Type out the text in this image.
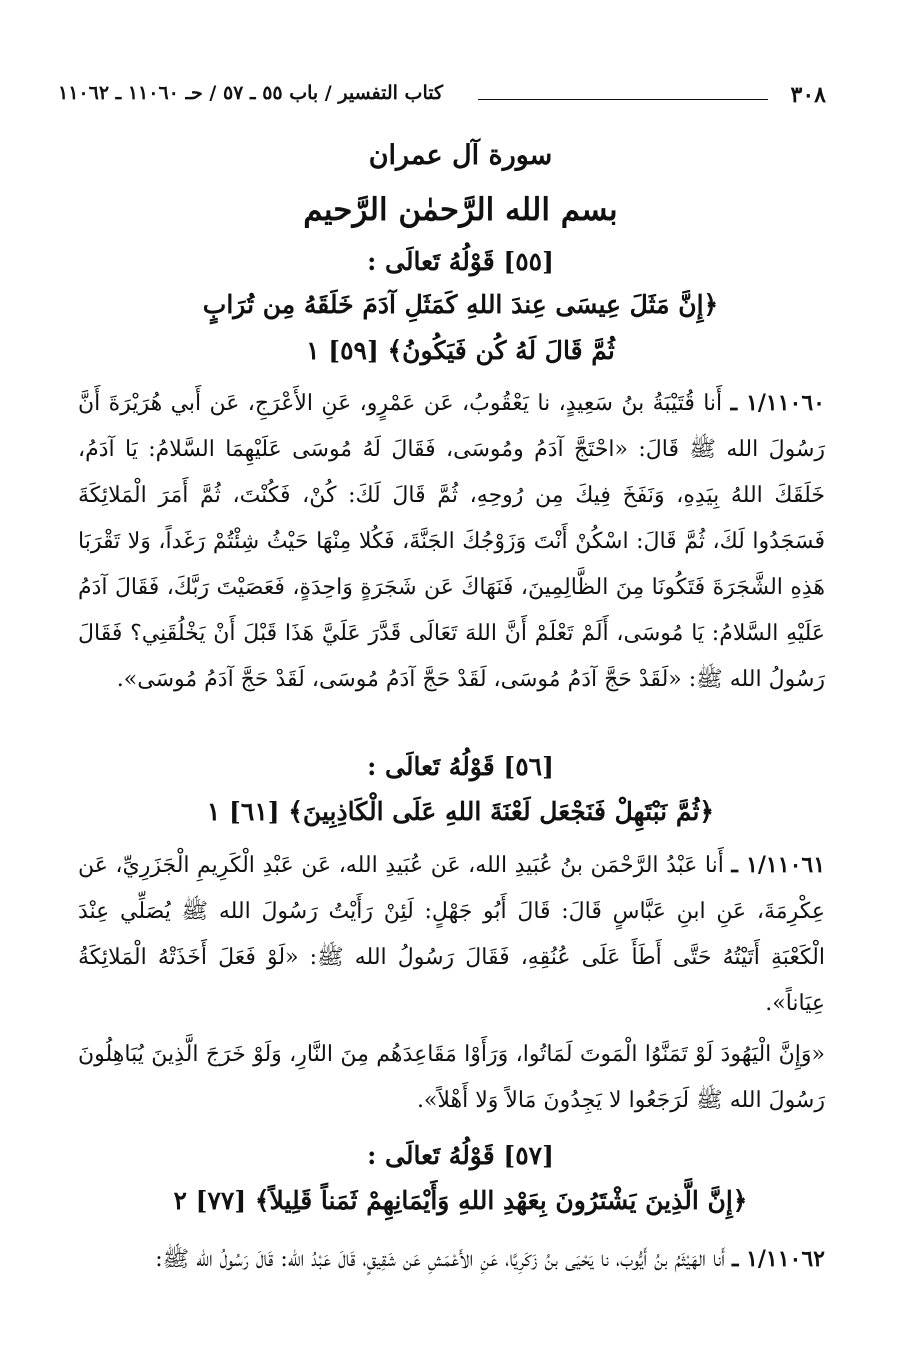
٣٠٨
كتاب التفسير / باب ٥٥ ـ ٥٧ / حـ ١١٠٦٠ ـ ١١٠٦٢
سورة آل عمران
بسم الله الرَّحمٰن الرَّحيم
[٥٥] قَوْلُهُ تَعالَى :
﴿إِنَّ مَثَلَ عِيسَى عِندَ اللهِ كَمَثَلِ آدَمَ خَلَقَهُ مِن تُرَابٍ
ثُمَّ قَالَ لَهُ كُن فَيَكُونُ﴾ [٥٩] ١
١/١١٠٦٠ ـ أَنا قُتَيْبَةُ بنُ سَعِيدٍ، نا يَعْقُوبُ، عَن عَمْرٍو، عَنِ الأَعْرَجِ، عَن أَبي هُرَيْرَةَ أَنَّ رَسُولَ الله ﷺ قَالَ: «احْتَجَّ آدَمُ ومُوسَى، فَقَالَ لَهُ مُوسَى عَلَيْهِمَا السَّلامُ: يَا آدَمُ، خَلَقَكَ اللهُ بِيَدِهِ، وَنَفَخَ فِيكَ مِن رُوحِهِ، ثُمَّ قَالَ لَكَ: كُنْ، فَكُنْتَ، ثُمَّ أَمَرَ الْمَلائِكَةَ فَسَجَدُوا لَكَ، ثُمَّ قَالَ: اسْكُنْ أَنْتَ وَزَوْجُكَ الجَنَّةَ، فَكُلا مِنْهَا حَيْثُ شِئْتُمْ رَغَداً، وَلا تَقْرَبَا هَذِهِ الشَّجَرَةَ فَتَكُونَا مِنَ الظَّالِمِينَ، فَنَهَاكَ عَن شَجَرَةٍ وَاحِدَةٍ، فَعَصَيْتَ رَبَّكَ، فَقَالَ آدَمُ عَلَيْهِ السَّلامُ: يَا مُوسَى، أَلَمْ تَعْلَمْ أَنَّ اللهَ تَعَالَى قَدَّرَ عَلَيَّ هَذَا قَبْلَ أَنْ يَخْلُقَنِي؟ فَقَالَ رَسُولُ الله ﷺ: «لَقَدْ حَجَّ آدَمُ مُوسَى، لَقَدْ حَجَّ آدَمُ مُوسَى، لَقَدْ حَجَّ آدَمُ مُوسَى».
[٥٦] قَوْلُهُ تَعالَى :
﴿ثُمَّ نَبْتَهِلْ فَنَجْعَل لَعْنَةَ اللهِ عَلَى الْكَاذِبِينَ﴾ [٦١] ١
١/١١٠٦١ ـ أَنا عَبْدُ الرَّحْمَن بنُ عُبَيدِ الله، عَن عُبَيدِ الله، عَن عَبْدِ الْكَرِيمِ الْجَزَرِيِّ، عَن عِكْرِمَةَ، عَنِ ابنِ عَبَّاسٍ قَالَ: قَالَ أَبُو جَهْلٍ: لَئِنْ رَأَيْتُ رَسُولَ الله ﷺ يُصَلِّي عِنْدَ الْكَعْبَةِ أَتَيْتُهُ حَتَّى أَطَأَ عَلَى عُنُقِهِ، فَقَالَ رَسُولُ الله ﷺ: «لَوْ فَعَلَ أَخَذَتْهُ الْمَلائِكَةُ عِيَاناً».
«وَإِنَّ الْيَهُودَ لَوْ تَمَنَّوُا الْمَوتَ لَمَاتُوا، وَرَأَوْا مَقَاعِدَهُم مِنَ النَّارِ، وَلَوْ خَرَجَ الَّذِينَ يُبَاهِلُونَ رَسُولَ الله ﷺ لَرَجَعُوا لا يَجِدُونَ مَالاً وَلا أَهْلاً».
[٥٧] قَوْلُهُ تَعالَى :
﴿إِنَّ الَّذِينَ يَشْتَرُونَ بِعَهْدِ اللهِ وَأَيْمَانِهِمْ ثَمَناً قَلِيلاً﴾ [٧٧] ٢
١/١١٠٦٢ ـ أَنا الهَيْثَمُ بنُ أَيُّوبَ، نا يَحْيَى بنُ زَكَرِيَّا، عَنِ الأَعْمَشِ عَن شَقِيقٍ، قَالَ عَبْدُ الله: قَالَ رَسُولُ الله ﷺ:
